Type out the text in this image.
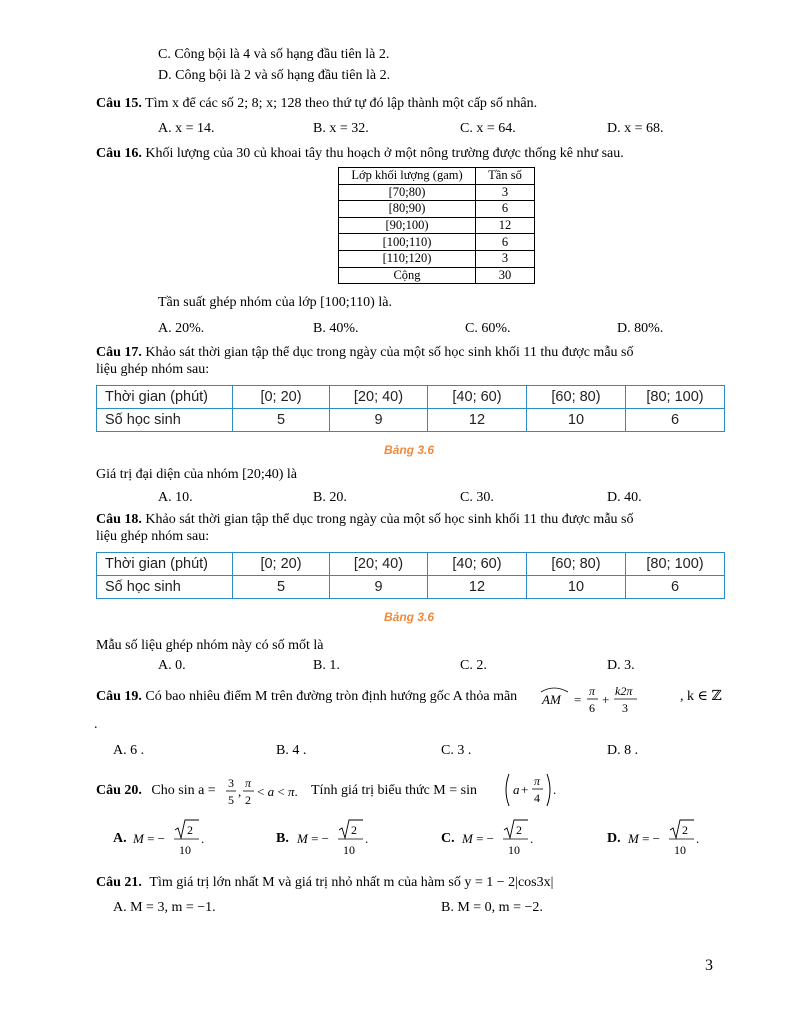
C. Công bội là 4 và số hạng đầu tiên là 2.
D. Công bội là 2 và số hạng đầu tiên là 2.
Câu 15. Tìm x để các số 2; 8; x; 128 theo thứ tự đó lập thành một cấp số nhân.
A. x = 14.	B. x = 32.	C. x = 64.	D. x = 68.
Câu 16. Khối lượng của 30 củ khoai tây thu hoạch ở một nông trường được thống kê như sau.
Lớp khối lượng (gam)	Tần số
[70;80)	3
[80;90)	6
[90;100)	12
[100;110)	6
[110;120)	3
Cộng	30
Tần suất ghép nhóm của lớp [100;110) là.
A. 20%.	B. 40%.	C. 60%.	D. 80%.
Câu 17. Khảo sát thời gian tập thể dục trong ngày của một số học sinh khối 11 thu được mẫu số
liệu ghép nhóm sau:
Thời gian (phút)	[0; 20)	[20; 40)	[40; 60)	[60; 80)	[80; 100)
Số học sinh	5	9	12	10	6
Bảng 3.6
Giá trị đại diện của nhóm [20;40) là
A. 10.	B. 20.	C. 30.	D. 40.
Câu 18. Khảo sát thời gian tập thể dục trong ngày của một số học sinh khối 11 thu được mẫu số
liệu ghép nhóm sau:
Thời gian (phút)	[0; 20)	[20; 40)	[40; 60)	[60; 80)	[80; 100)
Số học sinh	5	9	12	10	6
Bảng 3.6
Mẫu số liệu ghép nhóm này có số mốt là
A. 0.	B. 1.	C. 2.	D. 3.
Câu 19. Có bao nhiêu điểm M trên đường tròn định hướng gốc A thỏa mãn AM =
π
6
+
k2π
3
, k ∈ ℤ
.
A. 6 .	B. 4 .	C. 3 .	D. 8 .
Câu 20. Cho sin a = 3
5
,
π
2
< a < π. Tính giá trị biểu thức M = sin	a +
π
4
.
A. M = −
2
10
.	B. M = −
2
10
.	C. M = −
2
10
.	D. M = −
2
10
.
Câu 21. Tìm giá trị lớn nhất M và giá trị nhỏ nhất m của hàm số y = 1 − 2|cos3x|
A. M = 3, m = −1.	B. M = 0, m = −2.
3
